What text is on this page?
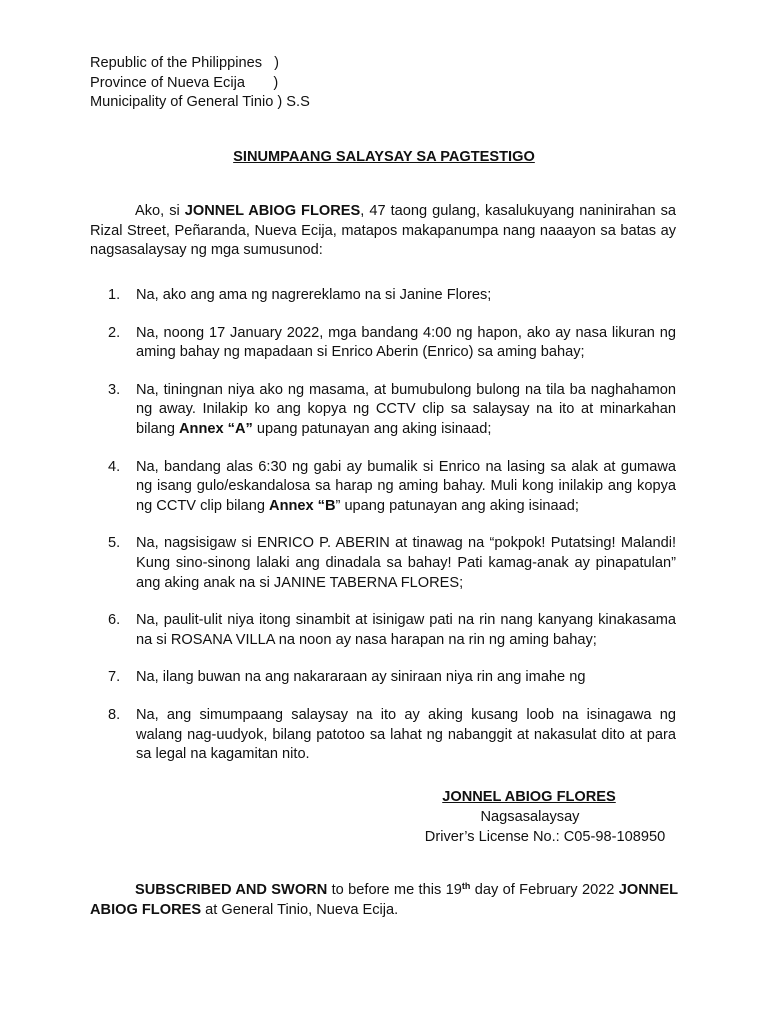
Republic of the Philippines   )
Province of Nueva Ecija       )
Municipality of General Tinio ) S.S
SINUMPAANG SALAYSAY SA PAGTESTIGO
Ako, si JONNEL ABIOG FLORES, 47 taong gulang, kasalukuyang naninirahan sa Rizal Street, Peñaranda, Nueva Ecija, matapos makapanumpa nang naaayon sa batas ay nagsasalaysay ng mga sumusunod:
1. Na, ako ang ama ng nagrereklamo na si Janine Flores;
2. Na, noong 17 January 2022, mga bandang 4:00 ng hapon, ako ay nasa likuran ng aming bahay ng mapadaan si Enrico Aberin (Enrico) sa aming bahay;
3. Na, tiningnan niya ako ng masama, at bumubulong bulong na tila ba naghahamon ng away. Inilakip ko ang kopya ng CCTV clip sa salaysay na ito at minarkahan bilang Annex “A” upang patunayan ang aking isinaad;
4. Na, bandang alas 6:30 ng gabi ay bumalik si Enrico na lasing sa alak at gumawa ng isang gulo/eskandalosa sa harap ng aming bahay. Muli kong inilakip ang kopya ng CCTV clip bilang Annex “B” upang patunayan ang aking isinaad;
5. Na, nagsisigaw si ENRICO P. ABERIN at tinawag na “pokpok! Putatsing! Malandi! Kung sino-sinong lalaki ang dinadala sa bahay! Pati kamag-anak ay pinapatulan” ang aking anak na si JANINE TABERNA FLORES;
6. Na, paulit-ulit niya itong sinambit at isinigaw pati na rin nang kanyang kinakasama na si ROSANA VILLA na noon ay nasa harapan na rin ng aming bahay;
7. Na, ilang buwan na ang nakararaan ay siniraan niya rin ang imahe ng
8. Na, ang simumpaang salaysay na ito ay aking kusang loob na isinagawa ng walang nag-uudyok, bilang patotoo sa lahat ng nabanggit at nakasulat dito at para sa legal na kagamitan nito.
JONNEL ABIOG FLORES
Nagsasalaysay
Driver’s License No.: C05-98-108950
SUBSCRIBED AND SWORN to before me this 19th day of February 2022 JONNEL ABIOG FLORES at General Tinio, Nueva Ecija.
